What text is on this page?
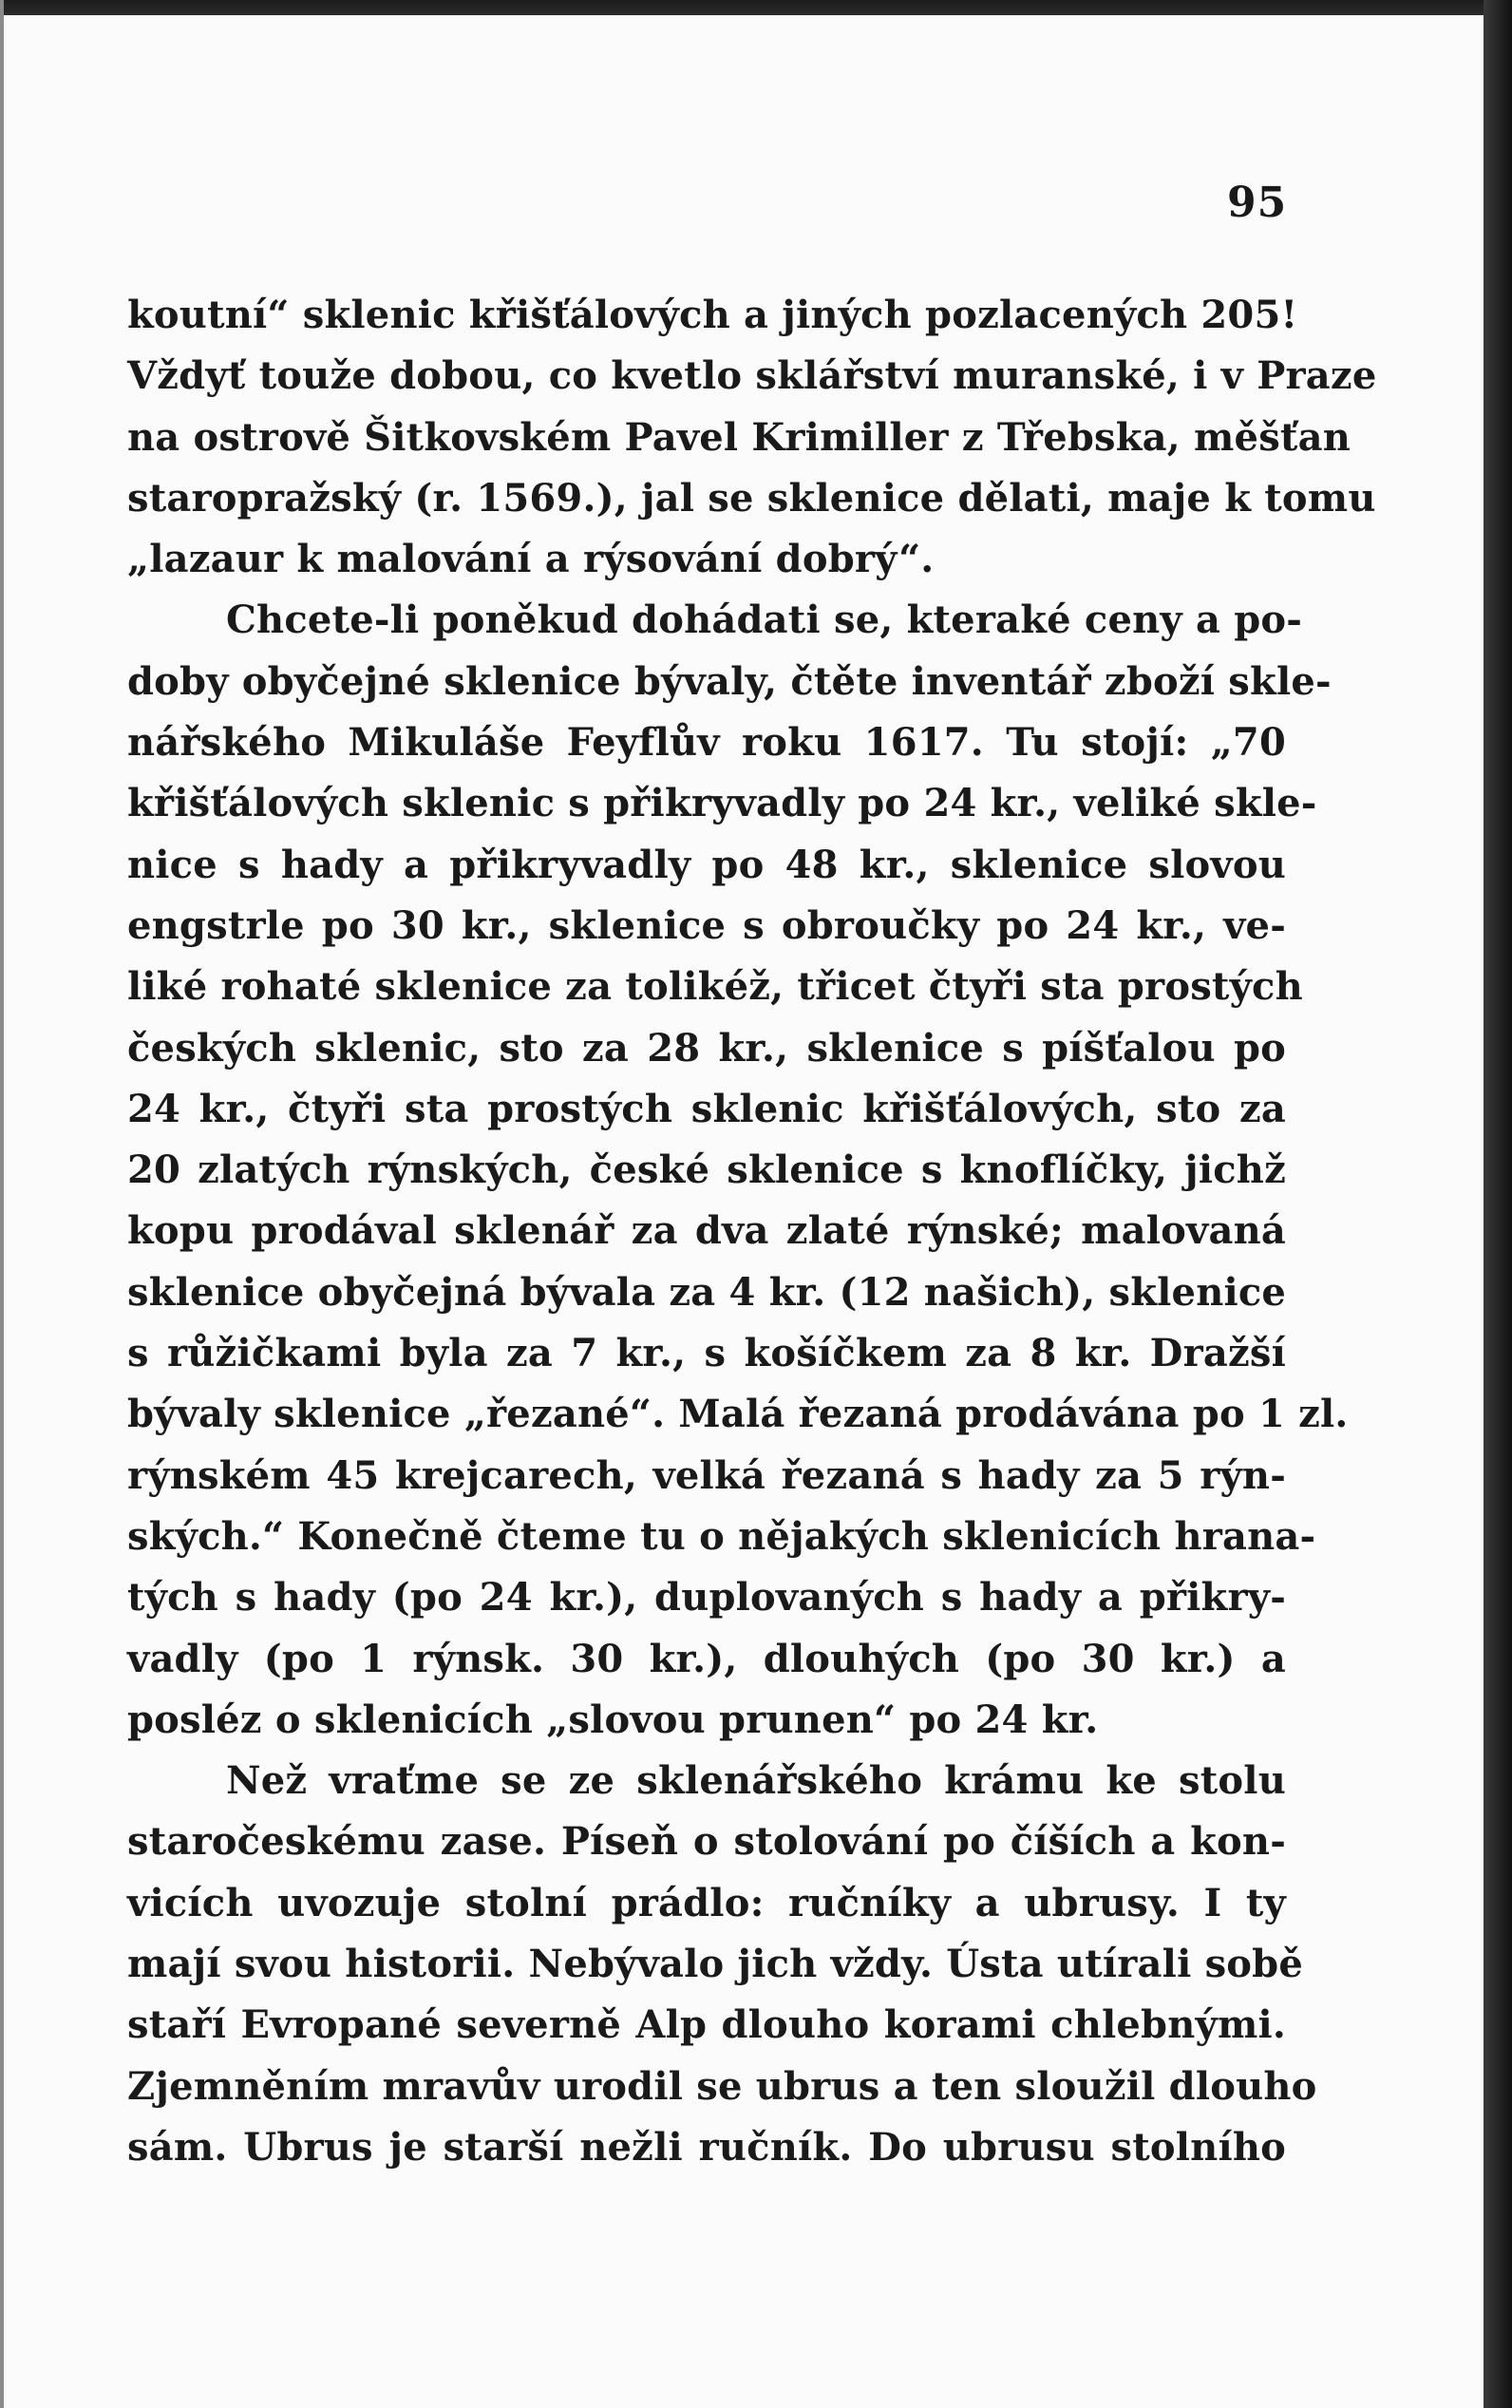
95
koutní“ sklenic křišťálových a jiných pozlacených 205!
Vždyť touže dobou, co kvetlo sklářství muranské, i v Praze
na ostrově Šitkovském Pavel Krimiller z Třebska, měšťan
staropražský (r. 1569.), jal se sklenice dělati, maje k tomu
„lazaur k malování a rýsování dobrý“.
Chcete-li poněkud dohádati se, kteraké ceny a po-
doby obyčejné sklenice bývaly, čtěte inventář zboží skle-
nářského Mikuláše Feyflův roku 1617. Tu stojí: „70
křišťálových sklenic s přikryvadly po 24 kr., veliké skle-
nice s hady a přikryvadly po 48 kr., sklenice slovou
engstrle po 30 kr., sklenice s obroučky po 24 kr., ve-
liké rohaté sklenice za tolikéž, třicet čtyři sta prostých
českých sklenic, sto za 28 kr., sklenice s píšťalou po
24 kr., čtyři sta prostých sklenic křišťálových, sto za
20 zlatých rýnských, české sklenice s knoflíčky, jichž
kopu prodával sklenář za dva zlaté rýnské; malovaná
sklenice obyčejná bývala za 4 kr. (12 našich), sklenice
s růžičkami byla za 7 kr., s košíčkem za 8 kr. Dražší
bývaly sklenice „řezané“. Malá řezaná prodávána po 1 zl.
rýnském 45 krejcarech, velká řezaná s hady za 5 rýn-
ských.“ Konečně čteme tu o nějakých sklenicích hrana-
tých s hady (po 24 kr.), duplovaných s hady a přikry-
vadly (po 1 rýnsk. 30 kr.), dlouhých (po 30 kr.) a
posléz o sklenicích „slovou prunen“ po 24 kr.
Než vraťme se ze sklenářského krámu ke stolu
staročeskému zase. Píseň o stolování po číších a kon-
vicích uvozuje stolní prádlo: ručníky a ubrusy. I ty
mají svou historii. Nebývalo jich vždy. Ústa utírali sobě
staří Evropané severně Alp dlouho korami chlebnými.
Zjemněním mravův urodil se ubrus a ten sloužil dlouho
sám. Ubrus je starší nežli ručník. Do ubrusu stolního
